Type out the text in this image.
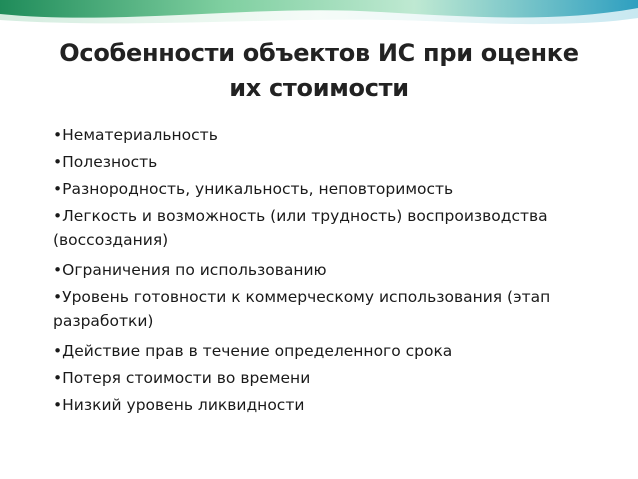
Особенности объектов ИС при оценке их стоимости
•Нематериальность
•Полезность
•Разнородность, уникальность, неповторимость
•Легкость и возможность (или трудность) воспроизводства (воссоздания)
•Ограничения по использованию
•Уровень готовности к коммерческому использования (этап разработки)
•Действие прав в течение определенного срока
•Потеря стоимости во времени
•Низкий уровень ликвидности
